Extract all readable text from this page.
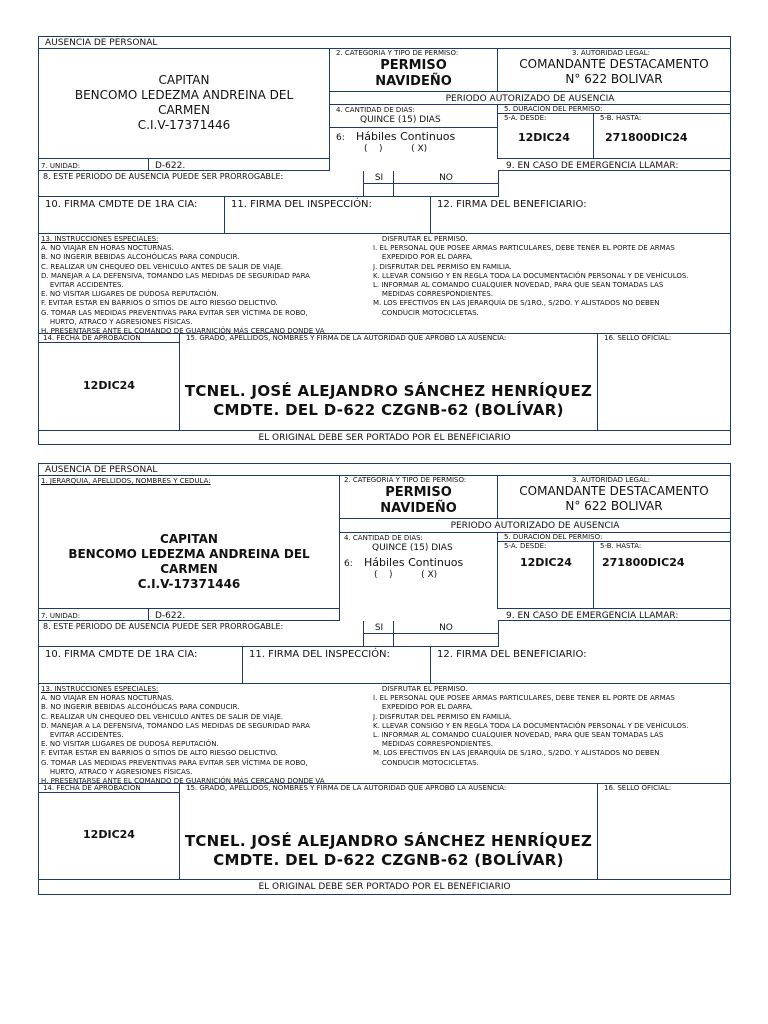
AUSENCIA DE PERSONAL
CAPITAN
BENCOMO LEDEZMA ANDREINA DEL
CARMEN
C.I.V-17371446
2. CATEGORIA Y TIPO DE PERMISO:
PERMISO
NAVIDEÑO
3. AUTORIDAD LEGAL:
COMANDANTE DESTACAMENTO
N° 622 BOLIVAR
PERIODO AUTORIZADO DE AUSENCIA
4. CANTIDAD DE DIAS:
QUINCE (15) DIAS
6: Hábiles Continuos
(    )          ( X)
5. DURACIÓN DEL PERMISO:
5-A. DESDE:
12DIC24
5-B. HASTA:
271800DIC24
7. UNIDAD:	D-622.	9. EN CASO DE EMERGENCIA LLAMAR:
8. ESTE PERIODO DE AUSENCIA PUEDE SER PRORROGABLE:	SI	NO
10. FIRMA CMDTE DE 1RA CIA:	11. FIRMA DEL INSPECCIÓN:	12. FIRMA DEL BENEFICIARIO:
13. INSTRUCCIONES ESPECIALES:
A. NO VIAJAR EN HORAS NOCTURNAS.
B. NO INGERIR BEBIDAS ALCOHÓLICAS PARA CONDUCIR.
C. REALIZAR UN CHEQUEO DEL VEHICULO ANTES DE SALIR DE VIAJE.
D. MANEJAR A LA DEFENSIVA, TOMANDO LAS MEDIDAS DE SEGURIDAD PARA
EVITAR ACCIDENTES.
E. NO VISITAR LUGARES DE DUDOSA REPUTACIÓN.
F. EVITAR ESTAR EN BARRIOS O SITIOS DE ALTO RIESGO DELICTIVO.
G. TOMAR LAS MEDIDAS PREVENTIVAS PARA EVITAR SER VÍCTIMA DE ROBO,
HURTO, ATRACO Y AGRESIONES FÍSICAS.
H. PRESENTARSE ANTE EL COMANDO DE GUARNICIÓN MÁS CERCANO DONDE VA
DISFRUTAR EL PERMISO.
I. EL PERSONAL QUE POSEE ARMAS PARTICULARES, DEBE TENER EL PORTE DE ARMAS
EXPEDIDO POR EL DARFA.
J. DISFRUTAR DEL PERMISO EN FAMILIA.
K. LLEVAR CONSIGO Y EN REGLA TODA LA DOCUMENTACIÓN PERSONAL Y DE VEHÍCULOS.
L. INFORMAR AL COMANDO CUALQUIER NOVEDAD, PARA QUE SEAN TOMADAS LAS
MEDIDAS CORRESPONDIENTES.
M. LOS EFECTIVOS EN LAS JERARQUÍA DE S/1RO., S/2DO. Y ALISTADOS NO DEBEN
CONDUCIR MOTOCICLETAS.
14. FECHA DE APROBACIÓN
12DIC24
15. GRADO, APELLIDOS, NOMBRES Y FIRMA DE LA AUTORIDAD QUE APROBÓ LA AUSENCIA:
TCNEL. JOSÉ ALEJANDRO SÁNCHEZ HENRÍQUEZ
CMDTE. DEL D-622 CZGNB-62 (BOLÍVAR)
16. SELLO OFICIAL:
EL ORIGINAL DEBE SER PORTADO POR EL BENEFICIARIO
AUSENCIA DE PERSONAL
1. JERARQUIA, APELLIDOS, NOMBRES Y CEDULA:
CAPITAN
BENCOMO LEDEZMA ANDREINA DEL CARMEN
C.I.V-17371446
2. CATEGORIA Y TIPO DE PERMISO:
PERMISO
NAVIDEÑO
3. AUTORIDAD LEGAL:
COMANDANTE DESTACAMENTO
N° 622 BOLIVAR
PERIODO AUTORIZADO DE AUSENCIA
4. CANTIDAD DE DIAS:
QUINCE (15) DIAS
6: Hábiles Continuos
(    )          ( X)
5. DURACIÓN DEL PERMISO:
5-A. DESDE:
12DIC24
5-B. HASTA:
271800DIC24
7. UNIDAD:	D-622.	9. EN CASO DE EMERGENCIA LLAMAR:
8. ESTE PERIODO DE AUSENCIA PUEDE SER PRORROGABLE:	SI	NO
10. FIRMA CMDTE DE 1RA CIA:	11. FIRMA DEL INSPECCIÓN:	12. FIRMA DEL BENEFICIARIO:
13. INSTRUCCIONES ESPECIALES:
A. NO VIAJAR EN HORAS NOCTURNAS.
B. NO INGERIR BEBIDAS ALCOHÓLICAS PARA CONDUCIR.
C. REALIZAR UN CHEQUEO DEL VEHICULO ANTES DE SALIR DE VIAJE.
D. MANEJAR A LA DEFENSIVA, TOMANDO LAS MEDIDAS DE SEGURIDAD PARA
EVITAR ACCIDENTES.
E. NO VISITAR LUGARES DE DUDOSA REPUTACIÓN.
F. EVITAR ESTAR EN BARRIOS O SITIOS DE ALTO RIESGO DELICTIVO.
G. TOMAR LAS MEDIDAS PREVENTIVAS PARA EVITAR SER VÍCTIMA DE ROBO,
HURTO, ATRACO Y AGRESIONES FÍSICAS.
H. PRESENTARSE ANTE EL COMANDO DE GUARNICIÓN MÁS CERCANO DONDE VA
DISFRUTAR EL PERMISO.
I. EL PERSONAL QUE POSEE ARMAS PARTICULARES, DEBE TENER EL PORTE DE ARMAS
EXPEDIDO POR EL DARFA.
J. DISFRUTAR DEL PERMISO EN FAMILIA.
K. LLEVAR CONSIGO Y EN REGLA TODA LA DOCUMENTACIÓN PERSONAL Y DE VEHÍCULOS.
L. INFORMAR AL COMANDO CUALQUIER NOVEDAD, PARA QUE SEAN TOMADAS LAS
MEDIDAS CORRESPONDIENTES.
M. LOS EFECTIVOS EN LAS JERARQUÍA DE S/1RO., S/2DO. Y ALISTADOS NO DEBEN
CONDUCIR MOTOCICLETAS.
14. FECHA DE APROBACIÓN
12DIC24
15. GRADO, APELLIDOS, NOMBRES Y FIRMA DE LA AUTORIDAD QUE APROBÓ LA AUSENCIA:
TCNEL. JOSÉ ALEJANDRO SÁNCHEZ HENRÍQUEZ
CMDTE. DEL D-622 CZGNB-62 (BOLÍVAR)
16. SELLO OFICIAL:
EL ORIGINAL DEBE SER PORTADO POR EL BENEFICIARIO
